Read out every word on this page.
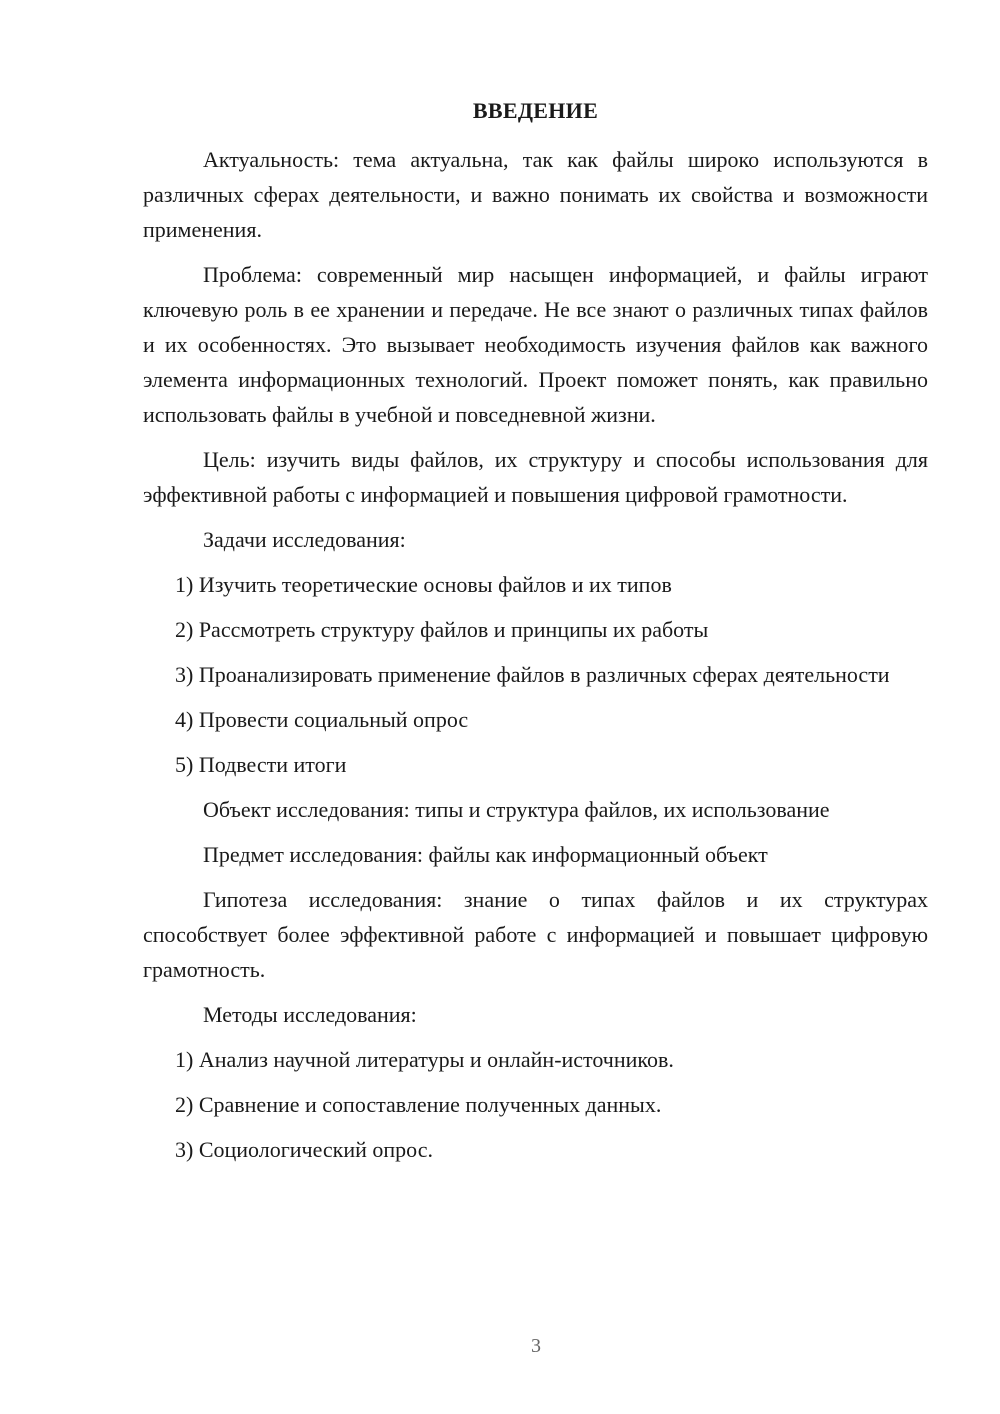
ВВЕДЕНИЕ

Актуальность: тема актуальна, так как файлы широко используются в различных сферах деятельности, и важно понимать их свойства и возможности применения.

Проблема: современный мир насыщен информацией, и файлы играют ключевую роль в ее хранении и передаче. Не все знают о различных типах файлов и их особенностях. Это вызывает необходимость изучения файлов как важного элемента информационных технологий. Проект поможет понять, как правильно использовать файлы в учебной и повседневной жизни.

Цель: изучить виды файлов, их структуру и способы использования для эффективной работы с информацией и повышения цифровой грамотности.

Задачи исследования:

1) Изучить теоретические основы файлов и их типов

2) Рассмотреть структуру файлов и принципы их работы

3) Проанализировать применение файлов в различных сферах деятельности

4) Провести социальный опрос

5) Подвести итоги

Объект исследования: типы и структура файлов, их использование

Предмет исследования: файлы как информационный объект

Гипотеза исследования: знание о типах файлов и их структурах способствует более эффективной работе с информацией и повышает цифровую грамотность.

Методы исследования:

1) Анализ научной литературы и онлайн-источников.

2) Сравнение и сопоставление полученных данных.

3) Социологический опрос.

3
